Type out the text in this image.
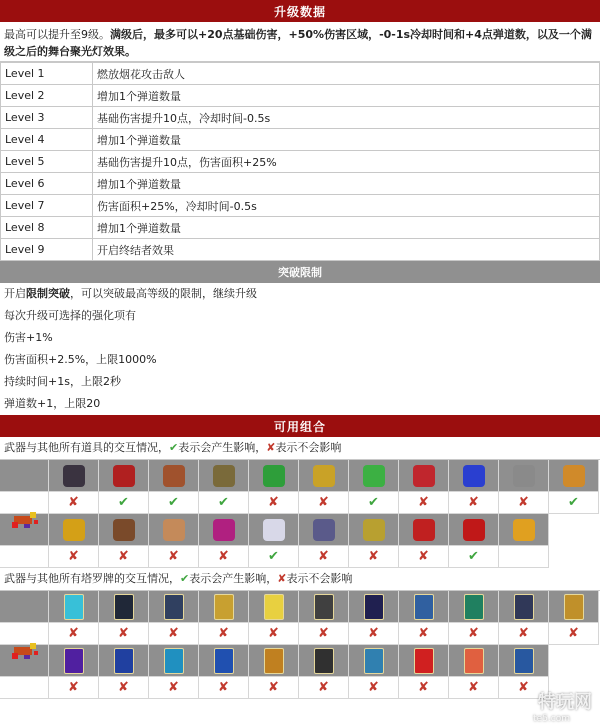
升级数据
最高可以提升至9级。满级后，最多可以+20点基础伤害，+50%伤害区域，-0-1s冷却时间和+4点弹道数，以及一个满级之后的舞台聚光灯效果。
Level 1	燃放烟花攻击敌人
Level 2	增加1个弹道数量
Level 3	基础伤害提升10点，冷却时间-0.5s
Level 4	增加1个弹道数量
Level 5	基础伤害提升10点，伤害面积+25%
Level 6	增加1个弹道数量
Level 7	伤害面积+25%，冷却时间-0.5s
Level 8	增加1个弹道数量
Level 9	开启终结者效果
突破限制
开启限制突破，可以突破最高等级的限制，继续升级
每次升级可选择的强化项有
伤害+1%
伤害面积+2.5%，上限1000%
持续时间+1s，上限2秒
弹道数+1，上限20
可用组合
武器与其他所有道具的交互情况，✔表示会产生影响，✘表示不会影响
✘	✔	✔	✔	✘	✘	✔	✘	✘	✘	✔
✘	✘	✘	✘	✔	✘	✘	✘	✔
武器与其他所有塔罗牌的交互情况，✔表示会产生影响，✘表示不会影响
✘	✘	✘	✘	✘	✘	✘	✘	✘	✘	✘
✘	✘	✘	✘	✘	✘	✘	✘	✘	✘
特玩网
te5.com
